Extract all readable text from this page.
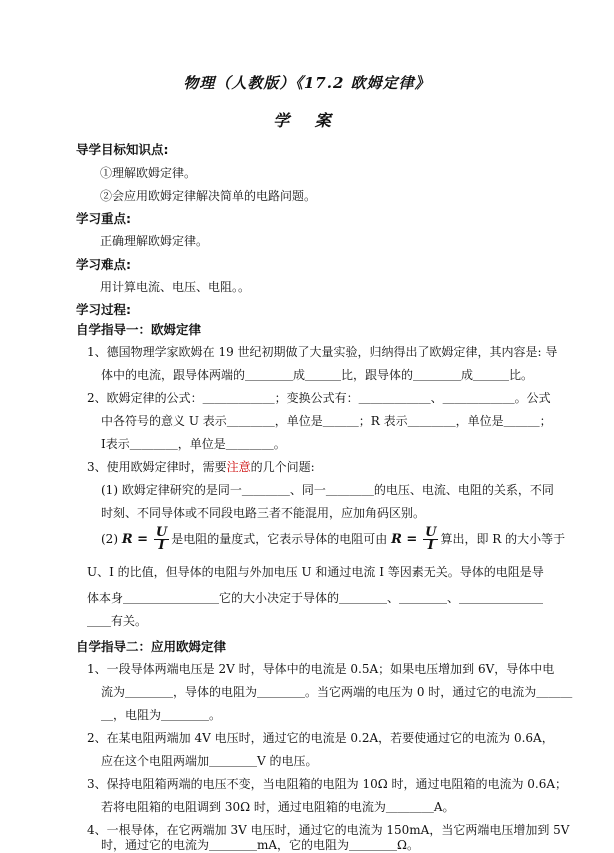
物理（人教版）《17.2 欧姆定律》
学 案
导学目标知识点:
①理解欧姆定律。
②会应用欧姆定律解决简单的电路问题。
学习重点:
正确理解欧姆定律。
学习难点:
用计算电流、电压、电阻。。
学习过程:
自学指导一：欧姆定律
1、德国物理学家欧姆在 19 世纪初期做了大量实验，归纳得出了欧姆定律，其内容是: 导
体中的电流，跟导体两端的＿＿＿＿成＿＿＿比，跟导体的＿＿＿＿成＿＿＿比。
2、欧姆定律的公式：＿＿＿＿＿＿；变换公式有：＿＿＿＿＿＿、＿＿＿＿＿＿。公式
中各符号的意义 U 表示＿＿＿＿，单位是＿＿＿；R 表示＿＿＿＿，单位是＿＿＿；
I表示＿＿＿＿，单位是＿＿＿＿。
3、使用欧姆定律时，需要注意的几个问题:
(1) 欧姆定律研究的是同一＿＿＿＿、同一＿＿＿＿的电压、电流、电阻的关系，不同
时刻、不同导体或不同段电路三者不能混用，应加角码区别。
(2) $R = \frac{U}{I}$ 是电阻的量度式，它表示导体的电阻可由 $R = \frac{U}{I}$ 算出，即 R 的大小等于
U、I 的比值，但导体的电阻与外加电压 U 和通过电流 I 等因素无关。导体的电阻是导
体本身＿＿＿＿＿＿＿＿它的大小决定于导体的＿＿＿＿、＿＿＿＿、＿＿＿＿＿＿＿
＿＿有关。
自学指导二：应用欧姆定律
1、一段导体两端电压是 2V 时，导体中的电流是 0.5A；如果电压增加到 6V，导体中电
流为＿＿＿＿，导体的电阻为＿＿＿＿。当它两端的电压为 0 时，通过它的电流为＿＿＿
＿，电阻为＿＿＿＿。
2、在某电阻两端加 4V 电压时，通过它的电流是 0.2A，若要使通过它的电流为 0.6A，
应在这个电阻两端加＿＿＿＿V 的电压。
3、保持电阻箱两端的电压不变，当电阻箱的电阻为 10Ω 时，通过电阻箱的电流为 0.6A；
若将电阻箱的电阻调到 30Ω 时，通过电阻箱的电流为＿＿＿＿A。
4、一根导体，在它两端加 3V 电压时，通过它的电流为 150mA，当它两端电压增加到 5V
时，通过它的电流为＿＿＿＿mA，它的电阻为＿＿＿＿Ω。
